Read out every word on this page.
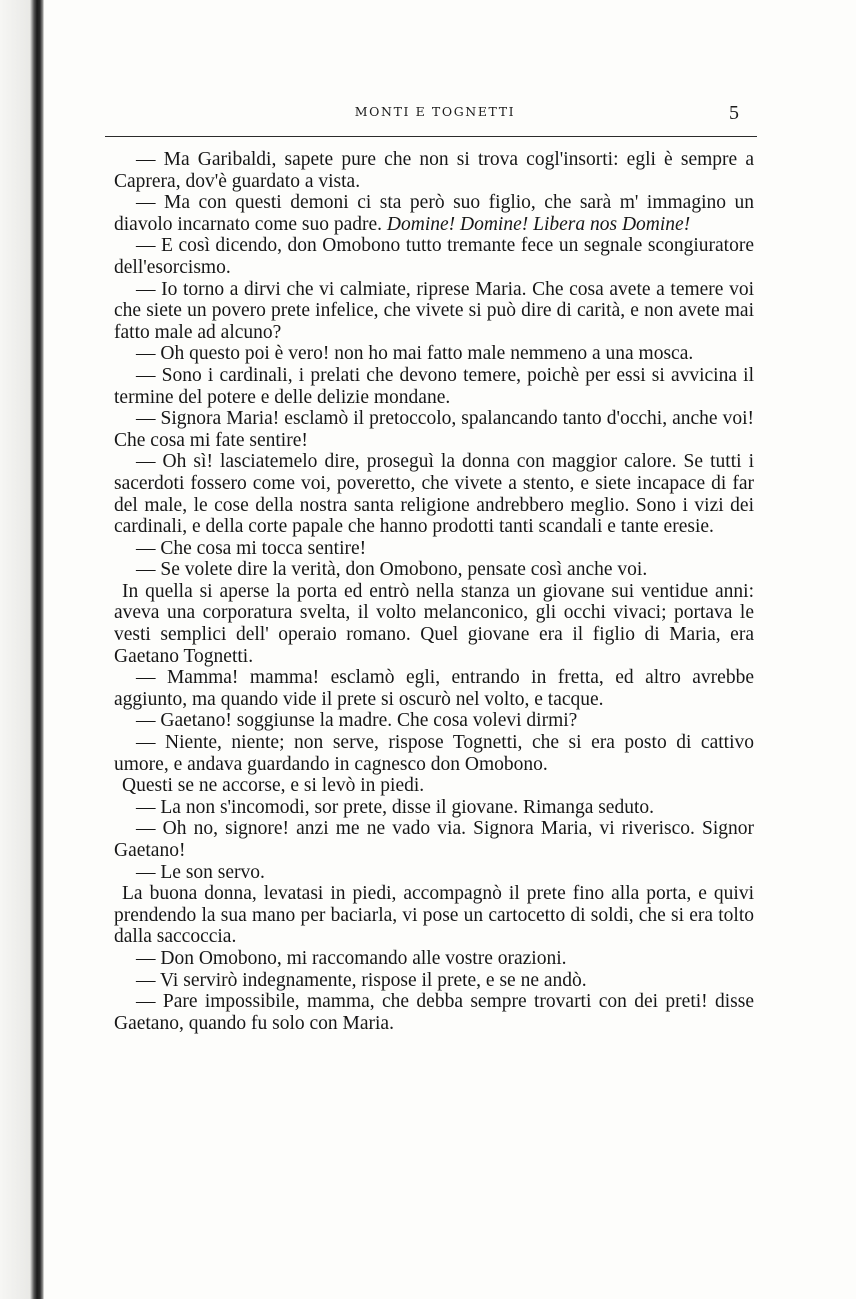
MONTI E TOGNETTI	5

— Ma Garibaldi, sapete pure che non si trova cogl'insorti: egli è sempre a Caprera, dov'è guardato a vista.

— Ma con questi demoni ci sta però suo figlio, che sarà m' immagino un diavolo incarnato come suo padre. Domine! Domine! Libera nos Domine!

— E così dicendo, don Omobono tutto tremante fece un segnale scongiuratore dell'esorcismo.

— Io torno a dirvi che vi calmiate, riprese Maria. Che cosa avete a temere voi che siete un povero prete infelice, che vivete si può dire di carità, e non avete mai fatto male ad alcuno?

— Oh questo poi è vero! non ho mai fatto male nemmeno a una mosca.

— Sono i cardinali, i prelati che devono temere, poichè per essi si avvicina il termine del potere e delle delizie mondane.

— Signora Maria! esclamò il pretoccolo, spalancando tanto d'occhi, anche voi! Che cosa mi fate sentire!

— Oh sì! lasciatemelo dire, proseguì la donna con maggior calore. Se tutti i sacerdoti fossero come voi, poveretto, che vivete a stento, e siete incapace di far del male, le cose della nostra santa religione andrebbero meglio. Sono i vizi dei cardinali, e della corte papale che hanno prodotti tanti scandali e tante eresie.

— Che cosa mi tocca sentire!

— Se volete dire la verità, don Omobono, pensate così anche voi.

In quella si aperse la porta ed entrò nella stanza un giovane sui ventidue anni: aveva una corporatura svelta, il volto melanconico, gli occhi vivaci; portava le vesti semplici dell' operaio romano. Quel giovane era il figlio di Maria, era Gaetano Tognetti.

— Mamma! mamma! esclamò egli, entrando in fretta, ed altro avrebbe aggiunto, ma quando vide il prete si oscurò nel volto, e tacque.

— Gaetano! soggiunse la madre. Che cosa volevi dirmi?

— Niente, niente; non serve, rispose Tognetti, che si era posto di cattivo umore, e andava guardando in cagnesco don Omobono.

Questi se ne accorse, e si levò in piedi.

— La non s'incomodi, sor prete, disse il giovane. Rimanga seduto.

— Oh no, signore! anzi me ne vado via. Signora Maria, vi riverisco. Signor Gaetano!

— Le son servo.

La buona donna, levatasi in piedi, accompagnò il prete fino alla porta, e quivi prendendo la sua mano per baciarla, vi pose un cartocetto di soldi, che si era tolto dalla saccoccia.

— Don Omobono, mi raccomando alle vostre orazioni.

— Vi servirò indegnamente, rispose il prete, e se ne andò.

— Pare impossibile, mamma, che debba sempre trovarti con dei preti! disse Gaetano, quando fu solo con Maria.
